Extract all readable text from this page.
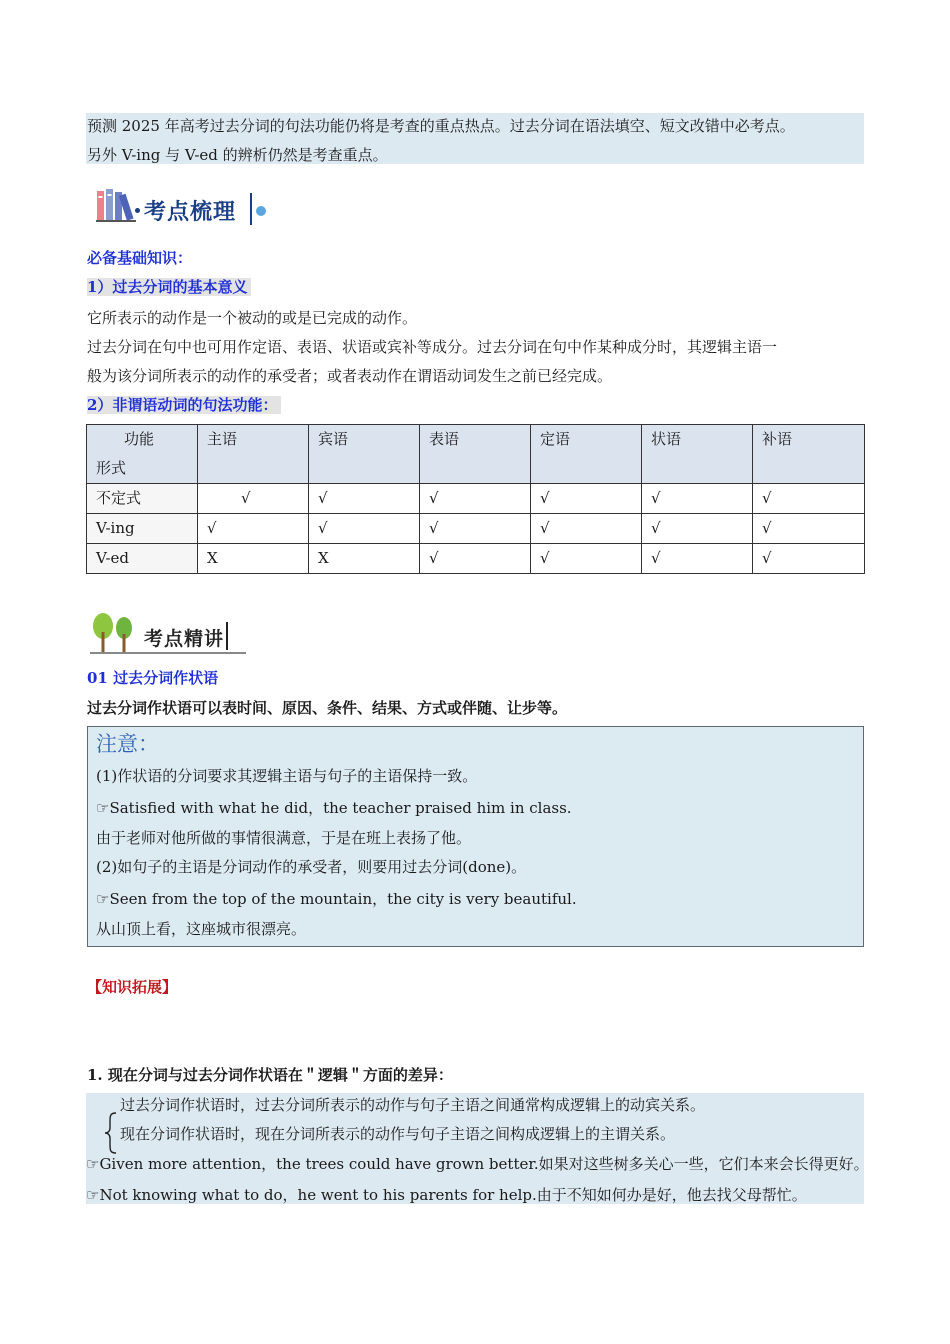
预测 2025 年高考过去分词的句法功能仍将是考查的重点热点。过去分词在语法填空、短文改错中必考点。
另外 V-ing 与 V-ed 的辨析仍然是考查重点。
考点梳理
必备基础知识：
1）过去分词的基本意义
它所表示的动作是一个被动的或是已完成的动作。
过去分词在句中也可用作定语、表语、状语或宾补等成分。过去分词在句中作某种成分时，其逻辑主语一
般为该分词所表示的动作的承受者；或者表动作在谓语动词发生之前已经完成。
2）非谓语动词的句法功能：
功能
形式	主语	宾语	表语	定语	状语	补语
不定式	√	√	√	√	√	√
V-ing	√	√	√	√	√	√
V-ed	X	X	√	√	√	√
考点精讲
01 过去分词作状语
过去分词作状语可以表时间、原因、条件、结果、方式或伴随、让步等。
注意：
(1)作状语的分词要求其逻辑主语与句子的主语保持一致。
☞Satisfied with what he did，the teacher praised him in class.
由于老师对他所做的事情很满意，于是在班上表扬了他。
(2)如句子的主语是分词动作的承受者，则要用过去分词(done)。
☞Seen from the top of the mountain，the city is very beautiful.
从山顶上看，这座城市很漂亮。
【知识拓展】
1. 现在分词与过去分词作状语在＂逻辑＂方面的差异：
过去分词作状语时，过去分词所表示的动作与句子主语之间通常构成逻辑上的动宾关系。
现在分词作状语时，现在分词所表示的动作与句子主语之间构成逻辑上的主谓关系。
☞Given more attention，the trees could have grown better.如果对这些树多关心一些，它们本来会长得更好。
☞Not knowing what to do，he went to his parents for help.由于不知如何办是好，他去找父母帮忙。
